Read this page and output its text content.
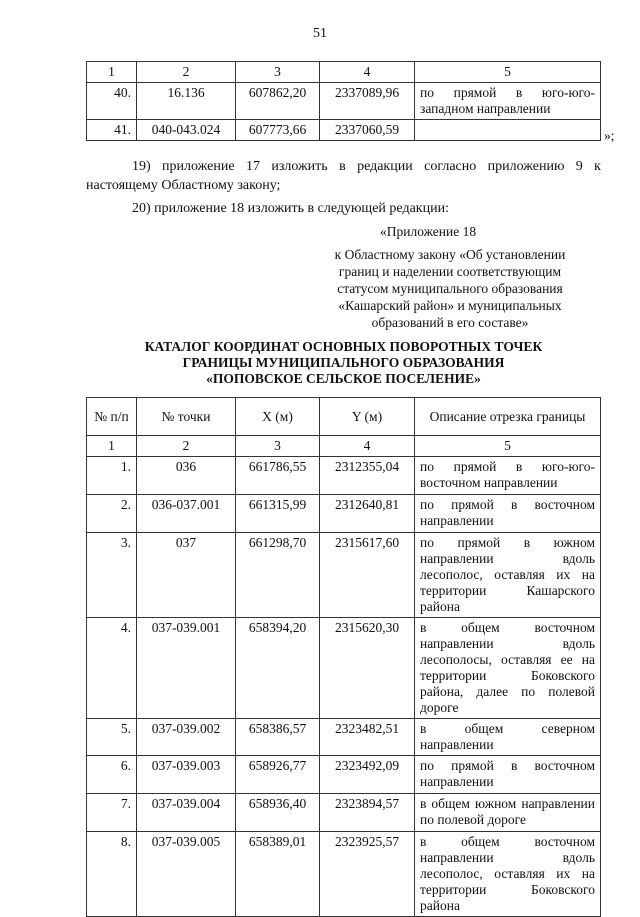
51
1	2	3	4	5
40.	16.136	607862,20	2337089,96	по прямой в юго-юго-западном направлении
41.	040-043.024	607773,66	2337060,59		»;
19) приложение 17 изложить в редакции согласно приложению 9 к настоящему Областному закону;
20) приложение 18 изложить в следующей редакции:
«Приложение 18
к Областному закону «Об установлении
границ и наделении соответствующим
статусом муниципального образования
«Кашарский район» и муниципальных
образований в его составе»
КАТАЛОГ КООРДИНАТ ОСНОВНЫХ ПОВОРОТНЫХ ТОЧЕК
ГРАНИЦЫ МУНИЦИПАЛЬНОГО ОБРАЗОВАНИЯ
«ПОПОВСКОЕ СЕЛЬСКОЕ ПОСЕЛЕНИЕ»
№ п/п	№ точки	X (м)	Y (м)	Описание отрезка границы
1	2	3	4	5
1.	036	661786,55	2312355,04	по прямой в юго-юго-восточном направлении
2.	036-037.001	661315,99	2312640,81	по прямой в восточном направлении
3.	037	661298,70	2315617,60	по прямой в южном направлении вдоль лесополос, оставляя их на территории Кашарского района
4.	037-039.001	658394,20	2315620,30	в общем восточном направлении вдоль лесополосы, оставляя ее на территории Боковского района, далее по полевой дороге
5.	037-039.002	658386,57	2323482,51	в общем северном направлении
6.	037-039.003	658926,77	2323492,09	по прямой в восточном направлении
7.	037-039.004	658936,40	2323894,57	в общем южном направлении по полевой дороге
8.	037-039.005	658389,01	2323925,57	в общем восточном направлении вдоль лесополос, оставляя их на территории Боковского района
